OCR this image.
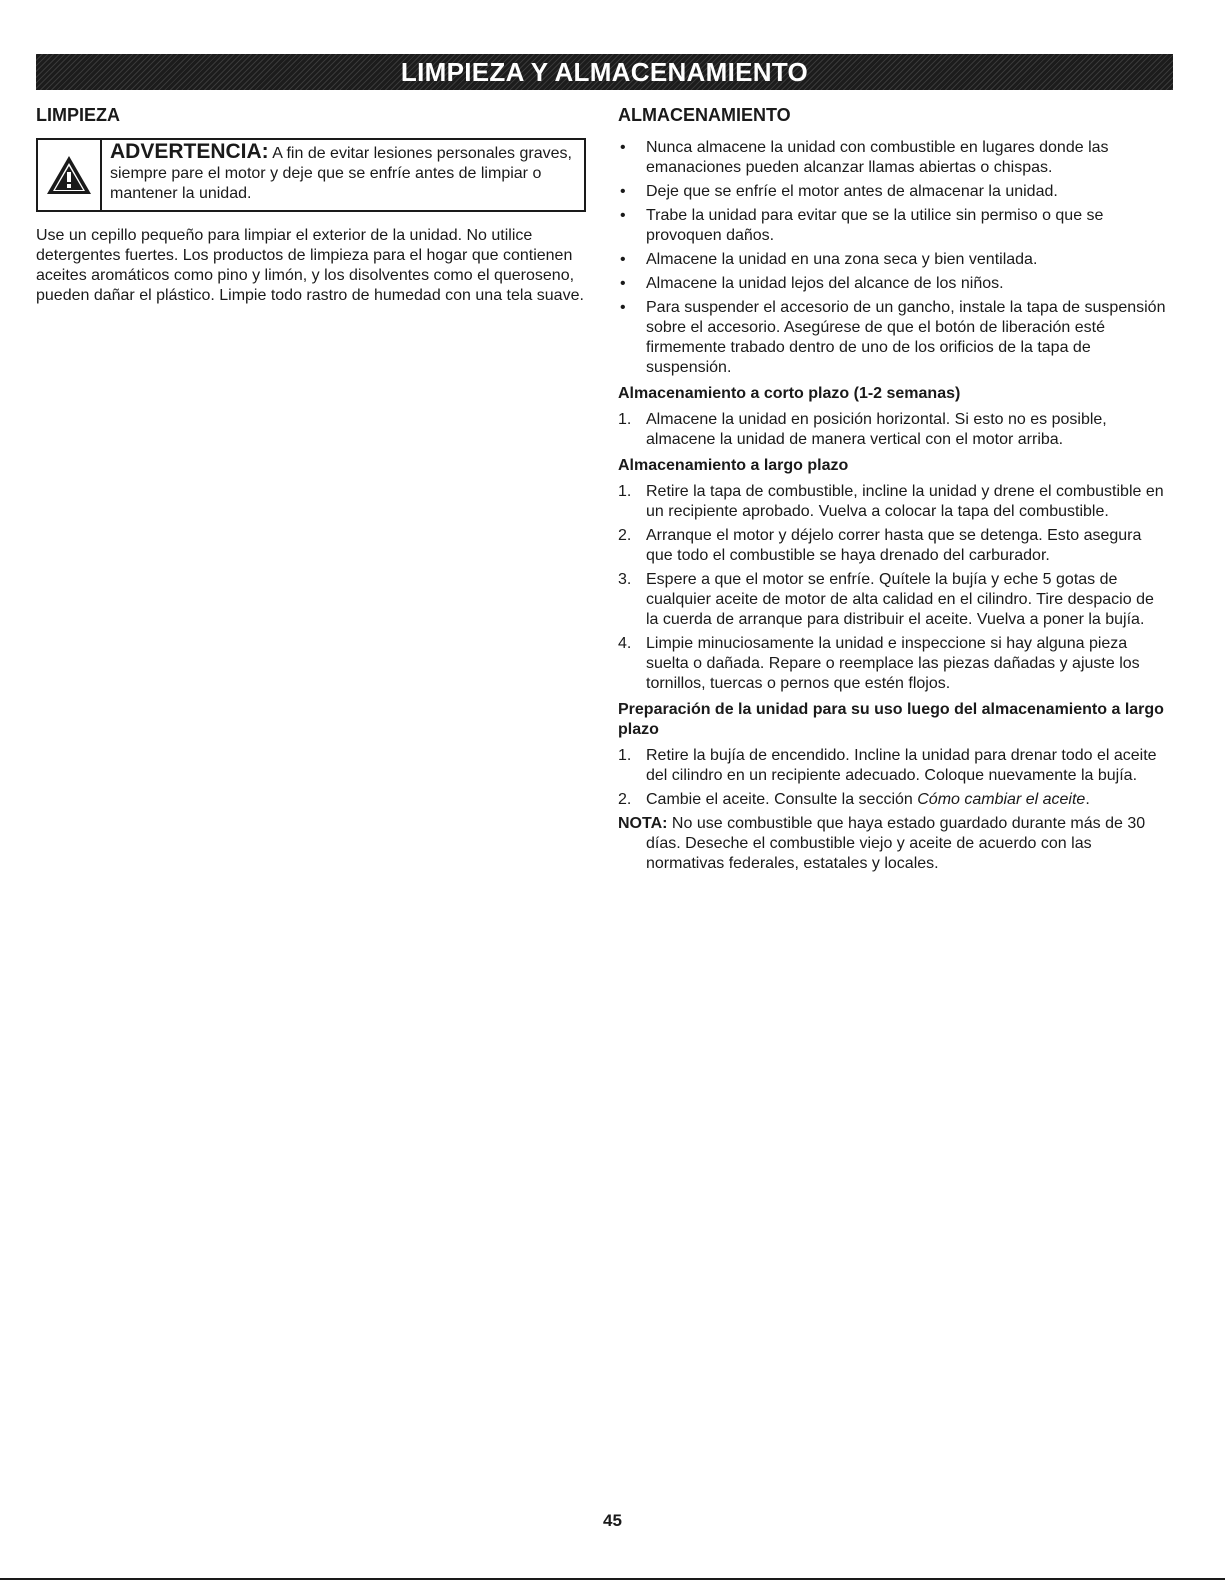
LIMPIEZA Y ALMACENAMIENTO
LIMPIEZA
ADVERTENCIA: A fin de evitar lesiones personales graves, siempre pare el motor y deje que se enfríe antes de limpiar o mantener la unidad.

Use un cepillo pequeño para limpiar el exterior de la unidad. No utilice detergentes fuertes. Los productos de limpieza para el hogar que contienen aceites aromáticos como pino y limón, y los disolventes como el queroseno, pueden dañar el plástico. Limpie todo rastro de humedad con una tela suave.

ALMACENAMIENTO
• Nunca almacene la unidad con combustible en lugares donde las emanaciones pueden alcanzar llamas abiertas o chispas.
• Deje que se enfríe el motor antes de almacenar la unidad.
• Trabe la unidad para evitar que se la utilice sin permiso o que se provoquen daños.
• Almacene la unidad en una zona seca y bien ventilada.
• Almacene la unidad lejos del alcance de los niños.
• Para suspender el accesorio de un gancho, instale la tapa de suspensión sobre el accesorio. Asegúrese de que el botón de liberación esté firmemente trabado dentro de uno de los orificios de la tapa de suspensión.
Almacenamiento a corto plazo (1-2 semanas)
1. Almacene la unidad en posición horizontal. Si esto no es posible, almacene la unidad de manera vertical con el motor arriba.
Almacenamiento a largo plazo
1. Retire la tapa de combustible, incline la unidad y drene el combustible en un recipiente aprobado. Vuelva a colocar la tapa del combustible.
2. Arranque el motor y déjelo correr hasta que se detenga. Esto asegura que todo el combustible se haya drenado del carburador.
3. Espere a que el motor se enfríe. Quítele la bujía y eche 5 gotas de cualquier aceite de motor de alta calidad en el cilindro. Tire despacio de la cuerda de arranque para distribuir el aceite. Vuelva a poner la bujía.
4. Limpie minuciosamente la unidad e inspeccione si hay alguna pieza suelta o dañada. Repare o reemplace las piezas dañadas y ajuste los tornillos, tuercas o pernos que estén flojos.
Preparación de la unidad para su uso luego del almacenamiento a largo plazo
1. Retire la bujía de encendido. Incline la unidad para drenar todo el aceite del cilindro en un recipiente adecuado. Coloque nuevamente la bujía.
2. Cambie el aceite. Consulte la sección Cómo cambiar el aceite.
NOTA: No use combustible que haya estado guardado durante más de 30 días. Deseche el combustible viejo y aceite de acuerdo con las normativas federales, estatales y locales.
45
